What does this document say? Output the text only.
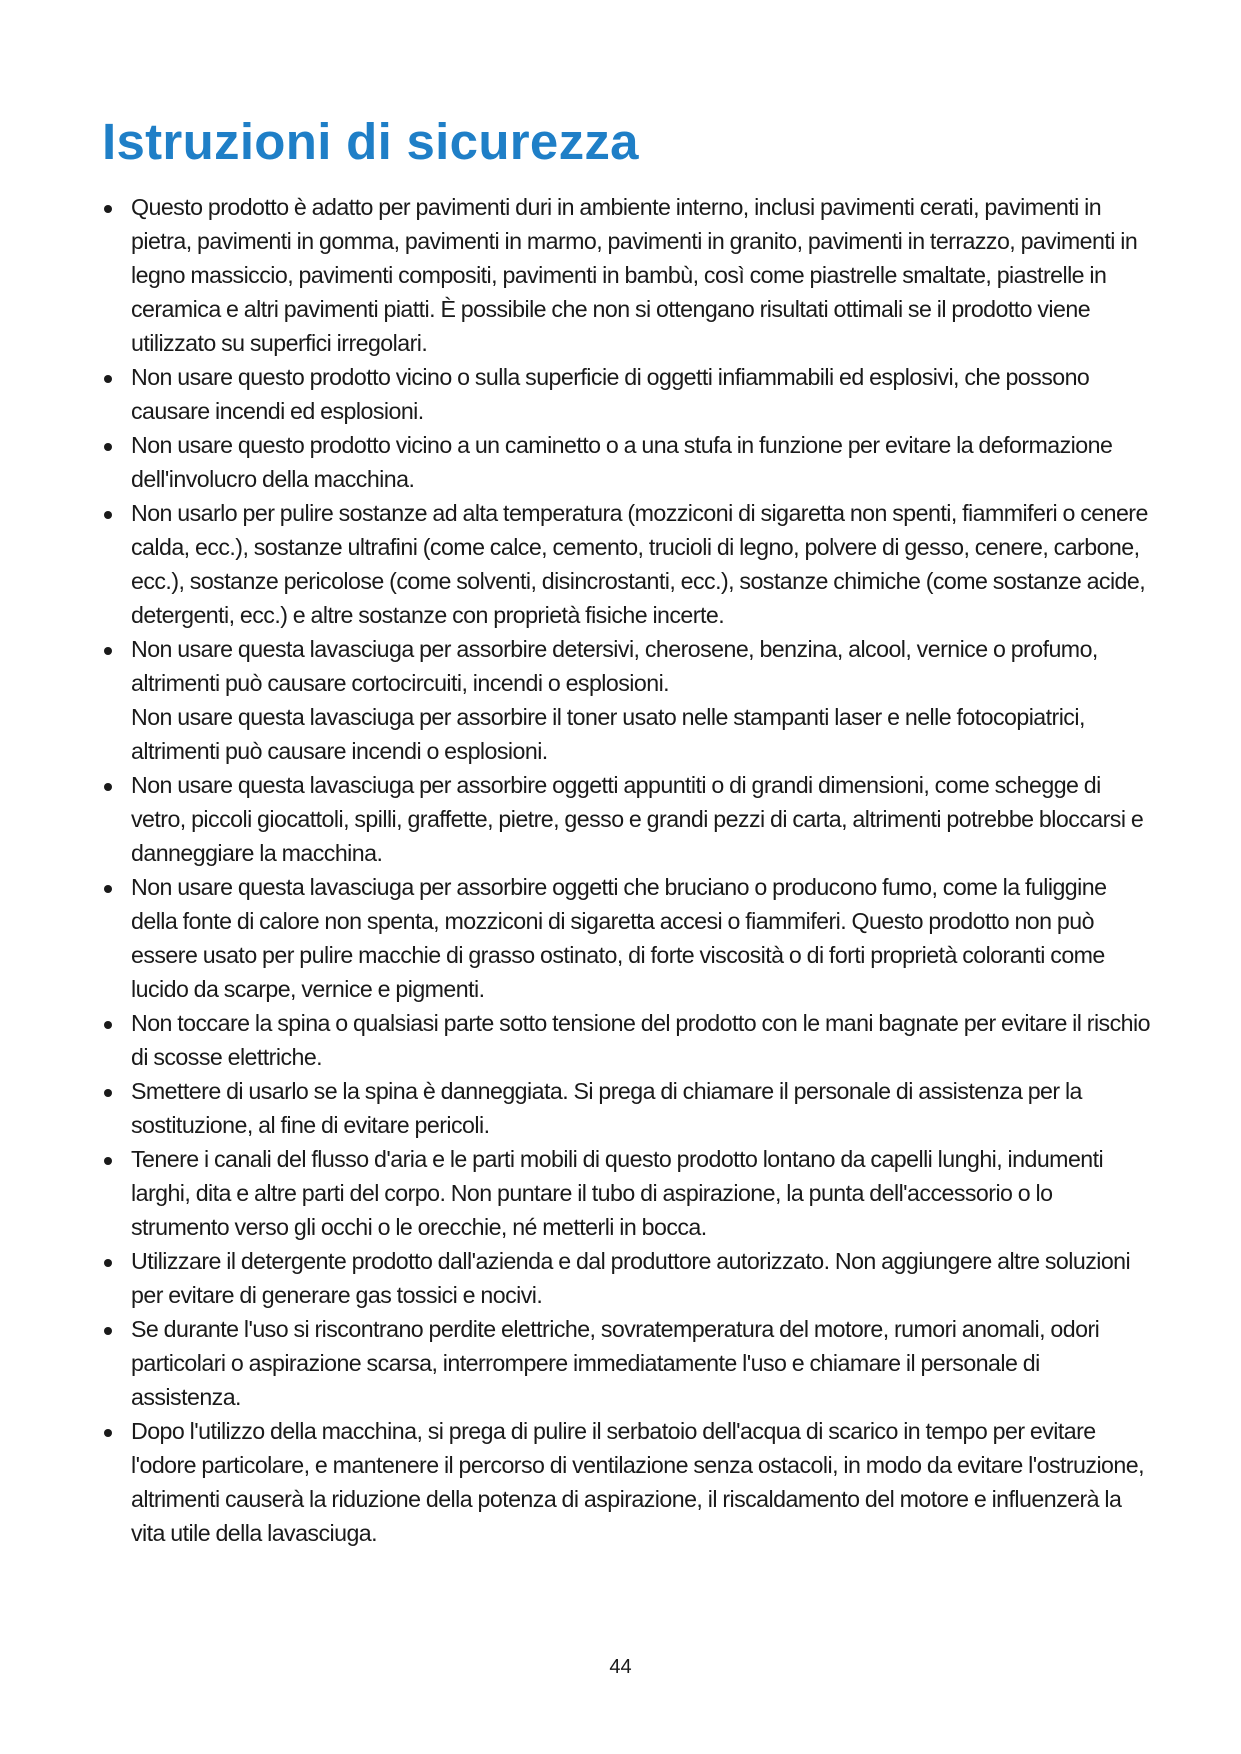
Istruzioni di sicurezza

Questo prodotto è adatto per pavimenti duri in ambiente interno, inclusi pavimenti cerati, pavimenti in pietra, pavimenti in gomma, pavimenti in marmo, pavimenti in granito, pavimenti in terrazzo, pavimenti in legno massiccio, pavimenti compositi, pavimenti in bambù, così come piastrelle smaltate, piastrelle in ceramica e altri pavimenti piatti. È possibile che non si ottengano risultati ottimali se il prodotto viene utilizzato su superfici irregolari.

Non usare questo prodotto vicino o sulla superficie di oggetti infiammabili ed esplosivi, che possono causare incendi ed esplosioni.

Non usare questo prodotto vicino a un caminetto o a una stufa in funzione per evitare la deformazione dell'involucro della macchina.

Non usarlo per pulire sostanze ad alta temperatura (mozziconi di sigaretta non spenti, fiammiferi o cenere calda, ecc.), sostanze ultrafini (come calce, cemento, trucioli di legno, polvere di gesso, cenere, carbone, ecc.), sostanze pericolose (come solventi, disincrostanti, ecc.), sostanze chimiche (come sostanze acide, detergenti, ecc.) e altre sostanze con proprietà fisiche incerte.

Non usare questa lavasciuga per assorbire detersivi, cherosene, benzina, alcool, vernice o profumo, altrimenti può causare cortocircuiti, incendi o esplosioni.

Non usare questa lavasciuga per assorbire il toner usato nelle stampanti laser e nelle fotocopiatrici, altrimenti può causare incendi o esplosioni.

Non usare questa lavasciuga per assorbire oggetti appuntiti o di grandi dimensioni, come schegge di vetro, piccoli giocattoli, spilli, graffette, pietre, gesso e grandi pezzi di carta, altrimenti potrebbe bloccarsi e danneggiare la macchina.

Non usare questa lavasciuga per assorbire oggetti che bruciano o producono fumo, come la fuliggine della fonte di calore non spenta, mozziconi di sigaretta accesi o fiammiferi. Questo prodotto non può essere usato per pulire macchie di grasso ostinato, di forte viscosità o di forti proprietà coloranti come lucido da scarpe, vernice e pigmenti.

Non toccare la spina o qualsiasi parte sotto tensione del prodotto con le mani bagnate per evitare il rischio di scosse elettriche.

Smettere di usarlo se la spina è danneggiata. Si prega di chiamare il personale di assistenza per la sostituzione, al fine di evitare pericoli.

Tenere i canali del flusso d'aria e le parti mobili di questo prodotto lontano da capelli lunghi, indumenti larghi, dita e altre parti del corpo. Non puntare il tubo di aspirazione, la punta dell'accessorio o lo strumento verso gli occhi o le orecchie, né metterli in bocca.

Utilizzare il detergente prodotto dall'azienda e dal produttore autorizzato. Non aggiungere altre soluzioni per evitare di generare gas tossici e nocivi.

Se durante l'uso si riscontrano perdite elettriche, sovratemperatura del motore, rumori anomali, odori particolari o aspirazione scarsa, interrompere immediatamente l'uso e chiamare il personale di assistenza.

Dopo l'utilizzo della macchina, si prega di pulire il serbatoio dell'acqua di scarico in tempo per evitare l'odore particolare, e mantenere il percorso di ventilazione senza ostacoli, in modo da evitare l'ostruzione, altrimenti causerà la riduzione della potenza di aspirazione, il riscaldamento del motore e influenzerà la vita utile della lavasciuga.

44
